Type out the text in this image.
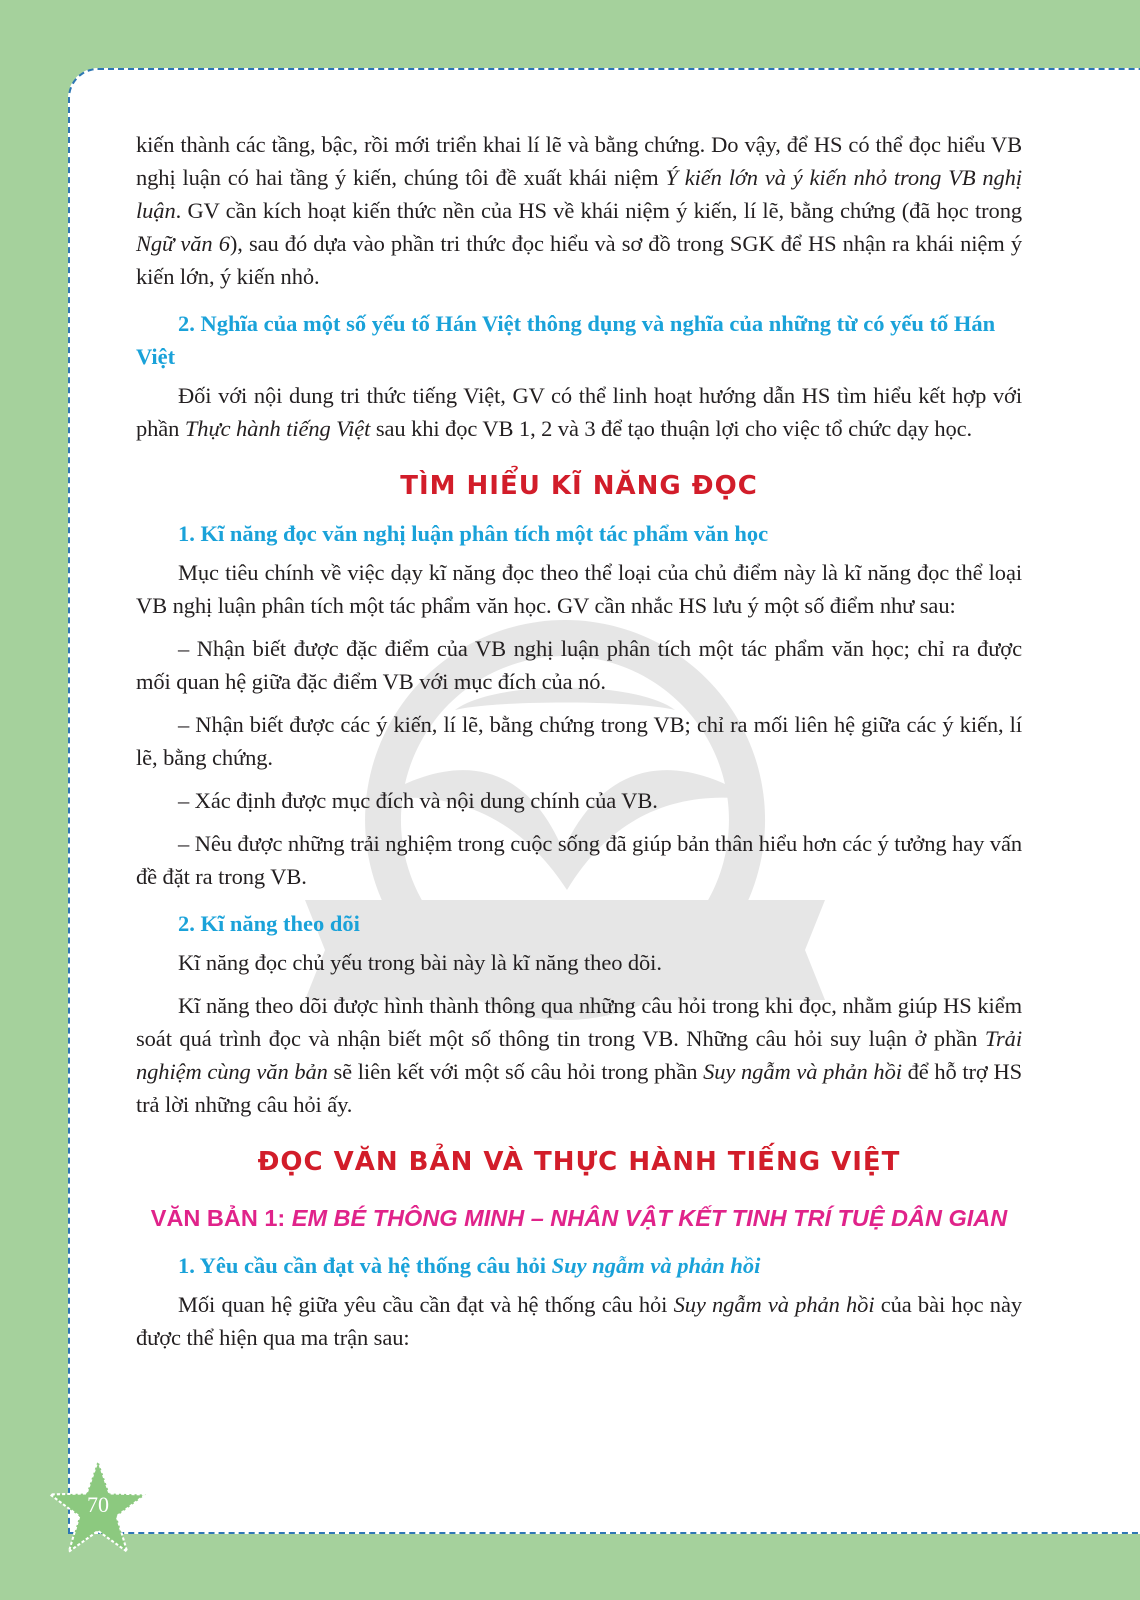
kiến thành các tầng, bậc, rồi mới triển khai lí lẽ và bằng chứng. Do vậy, để HS có thể đọc hiểu VB nghị luận có hai tầng ý kiến, chúng tôi đề xuất khái niệm Ý kiến lớn và ý kiến nhỏ trong VB nghị luận. GV cần kích hoạt kiến thức nền của HS về khái niệm ý kiến, lí lẽ, bằng chứng (đã học trong Ngữ văn 6), sau đó dựa vào phần tri thức đọc hiểu và sơ đồ trong SGK để HS nhận ra khái niệm ý kiến lớn, ý kiến nhỏ.

2. Nghĩa của một số yếu tố Hán Việt thông dụng và nghĩa của những từ có yếu tố Hán Việt

Đối với nội dung tri thức tiếng Việt, GV có thể linh hoạt hướng dẫn HS tìm hiểu kết hợp với phần Thực hành tiếng Việt sau khi đọc VB 1, 2 và 3 để tạo thuận lợi cho việc tổ chức dạy học.

TÌM HIỂU KĨ NĂNG ĐỌC
1. Kĩ năng đọc văn nghị luận phân tích một tác phẩm văn học

Mục tiêu chính về việc dạy kĩ năng đọc theo thể loại của chủ điểm này là kĩ năng đọc thể loại VB nghị luận phân tích một tác phẩm văn học. GV cần nhắc HS lưu ý một số điểm như sau:

– Nhận biết được đặc điểm của VB nghị luận phân tích một tác phẩm văn học; chỉ ra được mối quan hệ giữa đặc điểm VB với mục đích của nó.

– Nhận biết được các ý kiến, lí lẽ, bằng chứng trong VB; chỉ ra mối liên hệ giữa các ý kiến, lí lẽ, bằng chứng.

– Xác định được mục đích và nội dung chính của VB.

– Nêu được những trải nghiệm trong cuộc sống đã giúp bản thân hiểu hơn các ý tưởng hay vấn đề đặt ra trong VB.

2. Kĩ năng theo dõi

Kĩ năng đọc chủ yếu trong bài này là kĩ năng theo dõi.

Kĩ năng theo dõi được hình thành thông qua những câu hỏi trong khi đọc, nhằm giúp HS kiểm soát quá trình đọc và nhận biết một số thông tin trong VB. Những câu hỏi suy luận ở phần Trải nghiệm cùng văn bản sẽ liên kết với một số câu hỏi trong phần Suy ngẫm và phản hồi để hỗ trợ HS trả lời những câu hỏi ấy.

ĐỌC VĂN BẢN VÀ THỰC HÀNH TIẾNG VIỆT
VĂN BẢN 1: EM BÉ THÔNG MINH – NHÂN VẬT KẾT TINH TRÍ TUỆ DÂN GIAN
1. Yêu cầu cần đạt và hệ thống câu hỏi Suy ngẫm và phản hồi

Mối quan hệ giữa yêu cầu cần đạt và hệ thống câu hỏi Suy ngẫm và phản hồi của bài học này được thể hiện qua ma trận sau:

70
